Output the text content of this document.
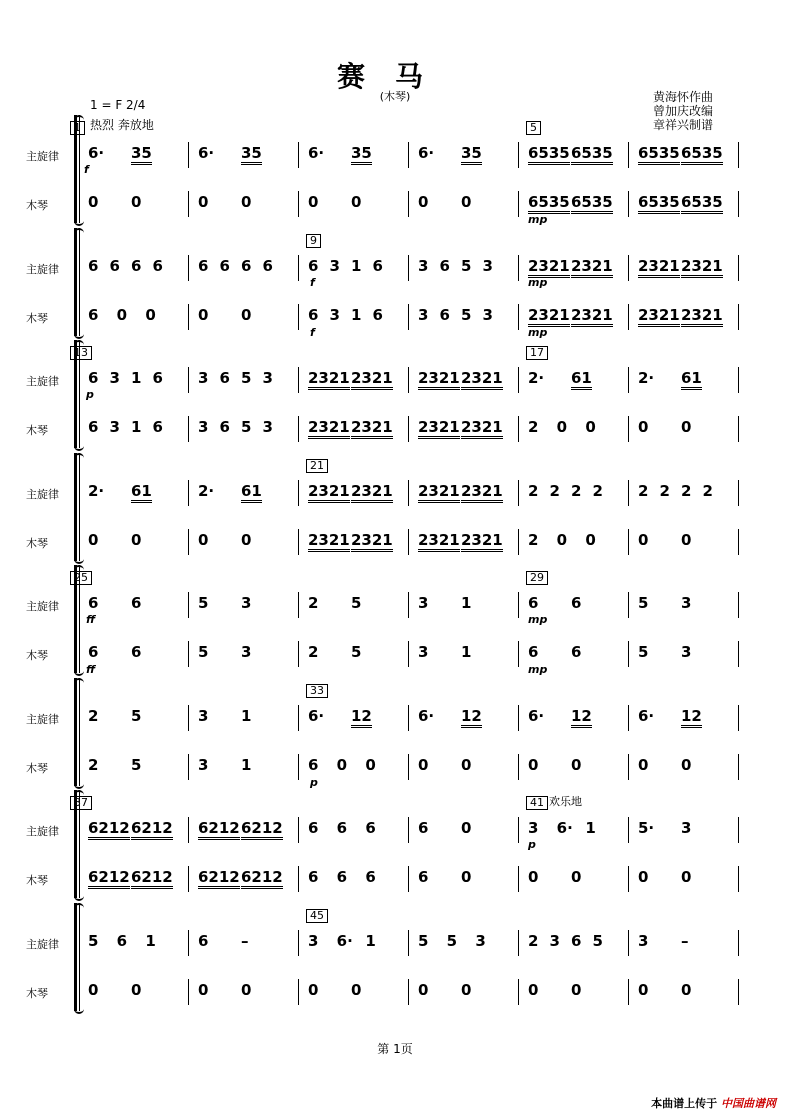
赛马
(木琴)
1 = F 2/4
热烈 奔放地
黄海怀作曲
曾加庆改编
章祥兴制谱
主旋律
木琴
1	5
6· 35	6· 35	6· 35	6· 35	6535 6535 6535 6535
0 0	0 0	0 0	0 0	6535 6535 6535 6535
主旋律
木琴
9
6 6 6 6 6 6 6 6 6 3 1 6 3 6 5 3 2321 2321 2321 2321
6 0 0	0 0	6 3 1 6 3 6 5 3 2321 2321 2321 2321
主旋律
木琴
13	17
6 3 1 6 3 6 5 3 2321 2321 2321 2321 2· 61	2· 61
6 3 1 6 3 6 5 3 2321 2321 2321 2321 2 0 0	0 0
主旋律
木琴
21
2· 61	2· 61	2321 2321 2321 2321 2 2 2 2 2 2 2 2
0 0	0 0	2321 2321 2321 2321 2 0 0	0 0
主旋律
木琴
25	29
6 6	5 3	2 5	3 1	6 6	5 3
6 6	5 3	2 5	3 1	6 6	5 3
主旋律
木琴
33
2 5	3 1	6· 12	6· 12	6· 12	6· 12
2 5	3 1	6 0 0	0 0	0 0	0 0
主旋律
木琴
37	41 欢乐地
6212 6212 6212 6212 6 6 6	6 0	3 6· 1	5· 3
6212 6212 6212 6212 6 6 6	6 0	0 0	0 0
主旋律
木琴
45
5 6 1	6 –	3 6· 1	5 5 3	2 3 6 5 3 –
0 0	0 0	0 0	0 0	0 0	0 0
第 1页
本曲谱上传于 中国曲谱网
f
mp
f
f
mp
mp
p
ff
ff
mp
mp
p
p
